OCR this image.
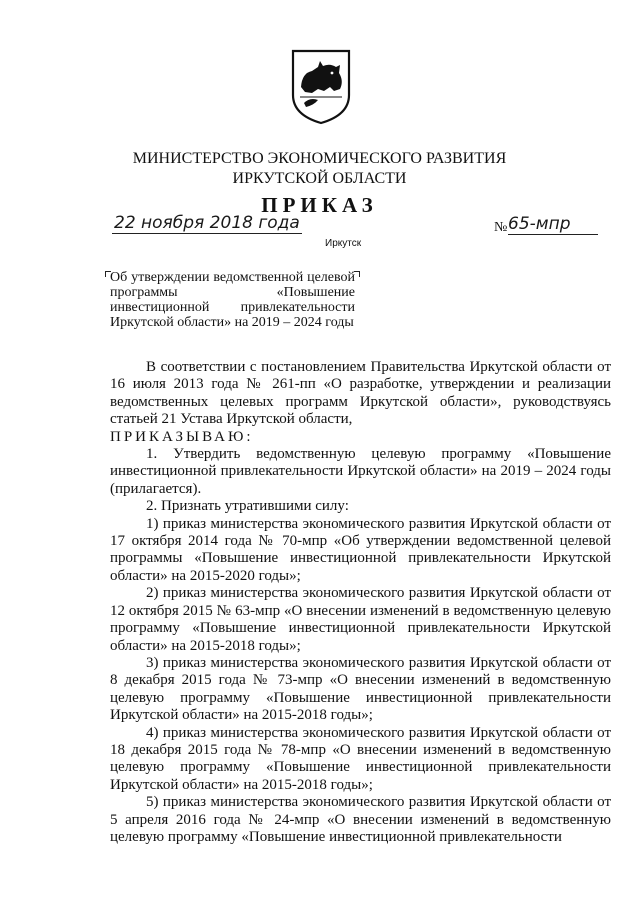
МИНИСТЕРСТВО ЭКОНОМИЧЕСКОГО РАЗВИТИЯ
ИРКУТСКОЙ ОБЛАСТИ
ПРИКАЗ
22 ноября 2018 года
Иркутск
№ 65-мпр
Об утверждении ведомственной целевой программы «Повышение инвестиционной привлекательности Иркутской области» на 2019 – 2024 годы

В соответствии с постановлением Правительства Иркутской области от 16 июля 2013 года № 261-пп «О разработке, утверждении и реализации ведомственных целевых программ Иркутской области», руководствуясь статьей 21 Устава Иркутской области,

ПРИКАЗЫВАЮ:

1. Утвердить ведомственную целевую программу «Повышение инвестиционной привлекательности Иркутской области» на 2019 – 2024 годы (прилагается).

2. Признать утратившими силу:

1) приказ министерства экономического развития Иркутской области от 17 октября 2014 года № 70-мпр «Об утверждении ведомственной целевой программы «Повышение инвестиционной привлекательности Иркутской области» на 2015-2020 годы»;

2) приказ министерства экономического развития Иркутской области от 12 октября 2015 № 63-мпр «О внесении изменений в ведомственную целевую программу «Повышение инвестиционной привлекательности Иркутской области» на 2015-2018 годы»;

3) приказ министерства экономического развития Иркутской области от 8 декабря 2015 года № 73-мпр «О внесении изменений в ведомственную целевую программу «Повышение инвестиционной привлекательности Иркутской области» на 2015-2018 годы»;

4) приказ министерства экономического развития Иркутской области от 18 декабря 2015 года № 78-мпр «О внесении изменений в ведомственную целевую программу «Повышение инвестиционной привлекательности Иркутской области» на 2015-2018 годы»;

5) приказ министерства экономического развития Иркутской области от 5 апреля 2016 года № 24-мпр «О внесении изменений в ведомственную целевую программу «Повышение инвестиционной привлекательности
